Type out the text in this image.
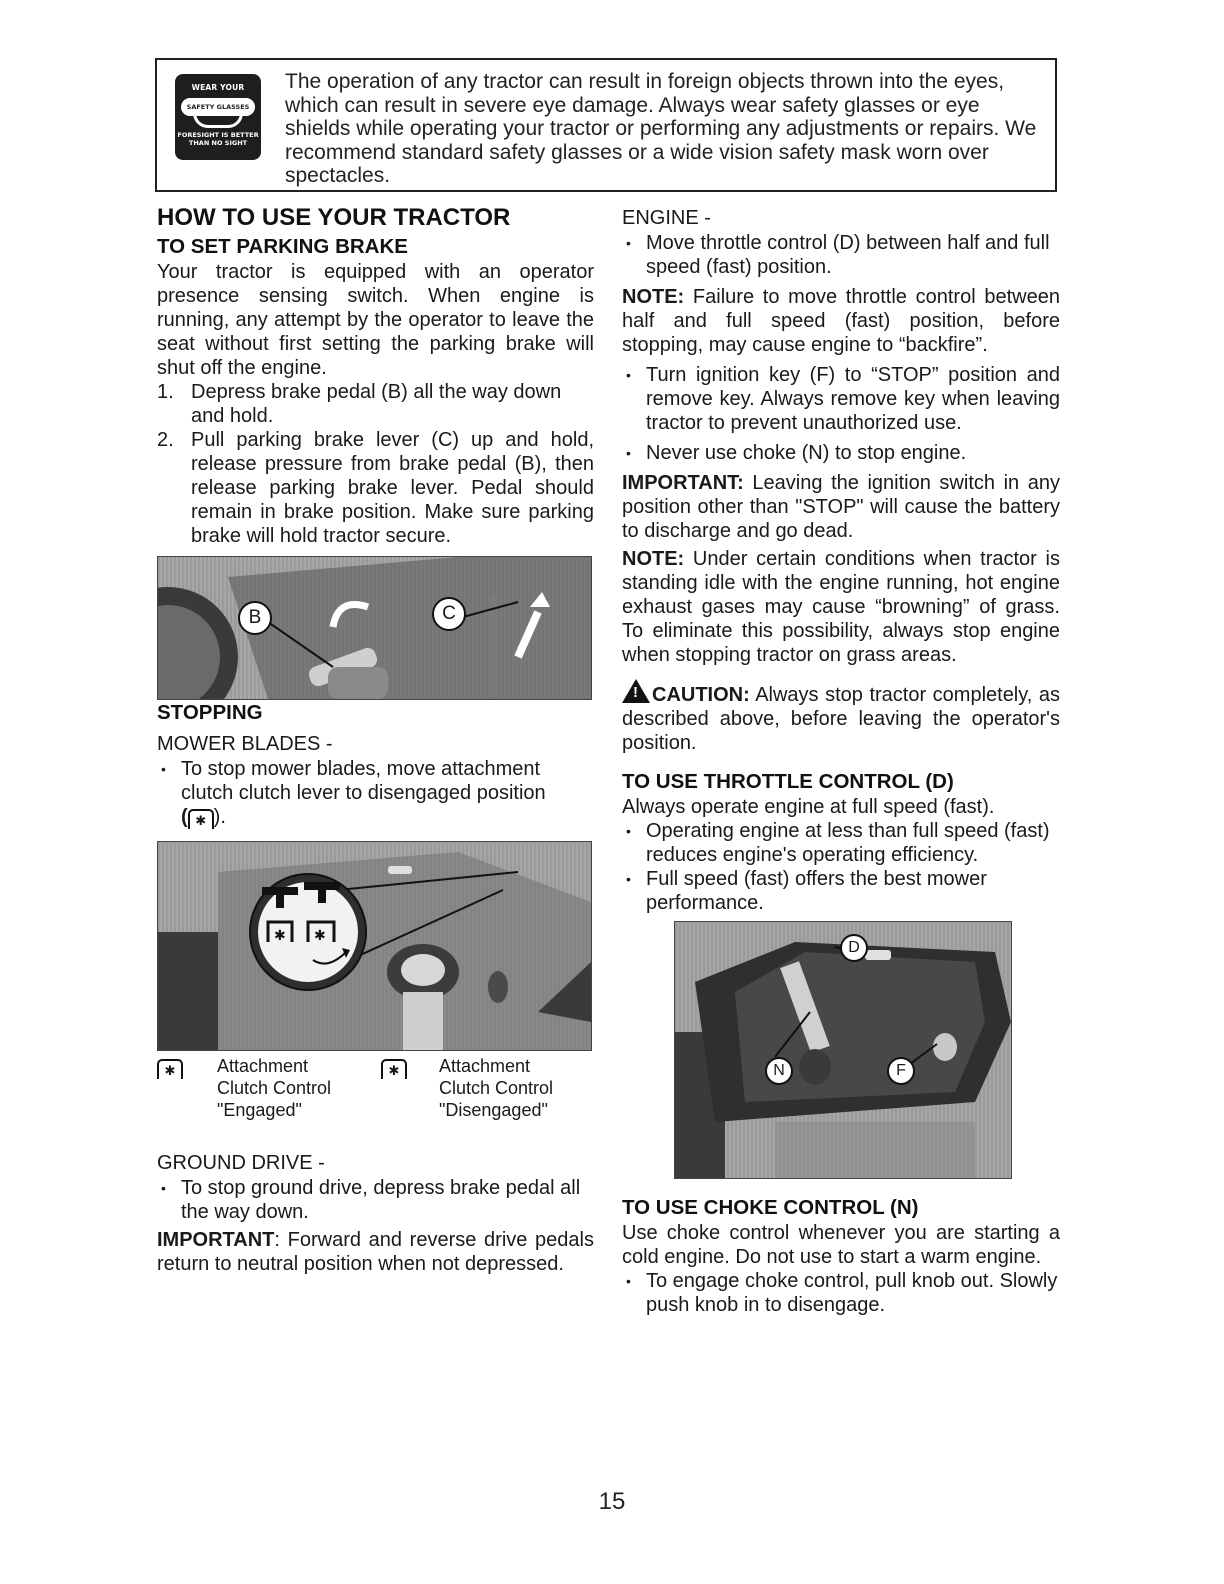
WEAR YOUR
SAFETY GLASSES
FORESIGHT IS BETTER THAN NO SIGHT
The operation of any tractor can result in foreign objects thrown into the eyes, which can result in severe eye damage. Always wear safety glasses or eye shields while operating your tractor or performing any adjustments or repairs. We recommend standard safety glasses or a wide vision safety mask worn over spectacles.
HOW TO USE YOUR TRACTOR
TO SET PARKING BRAKE

Your tractor is equipped with an operator presence sensing switch. When engine is running, any attempt by the operator to leave the seat without first setting the parking brake will shut off the engine.

1. Depress brake pedal (B) all the way down and hold.
2. Pull parking brake lever (C) up and hold, release pressure from brake pedal (B), then release parking brake lever. Pedal should remain in brake position. Make sure parking brake will hold tractor secure.
B	C
STOPPING

MOWER BLADES -

• To stop mower blades, move attachment clutch clutch lever to disengaged position
( ✱ ).
✱ ✱
✱	Attachment
Clutch Control
"Engaged"
✱	Attachment
Clutch Control
"Disengaged"

GROUND DRIVE -

• To stop ground drive, depress brake pedal all the way down.

IMPORTANT: Forward and reverse drive pedals return to neutral position when not depressed.

ENGINE -

• Move throttle control (D) between half and full speed (fast) position.

NOTE: Failure to move throttle control between half and full speed (fast) position, before stopping, may cause engine to “backfire”.

• Turn ignition key (F) to “STOP” position and remove key. Always remove key when leaving tractor to prevent unauthorized use.
• Never use choke (N) to stop engine.

IMPORTANT: Leaving the ignition switch in any position other than "STOP" will cause the battery to discharge and go dead.

NOTE: Under certain conditions when tractor is standing idle with the engine running, hot engine exhaust gases may cause “browning” of grass. To eliminate this possibility, always stop engine when stopping tractor on grass areas.

!CAUTION: Always stop tractor completely, as described above, before leaving the operator's position.

TO USE THROTTLE CONTROL (D)

Always operate engine at full speed (fast).

• Operating engine at less than full speed (fast) reduces engine's operating efficiency.
• Full speed (fast) offers the best mower performance.
D
N	F
TO USE CHOKE CONTROL (N)

Use choke control whenever you are starting a cold engine. Do not use to start a warm engine.

• To engage choke control, pull knob out. Slowly push knob in to disengage.
15
